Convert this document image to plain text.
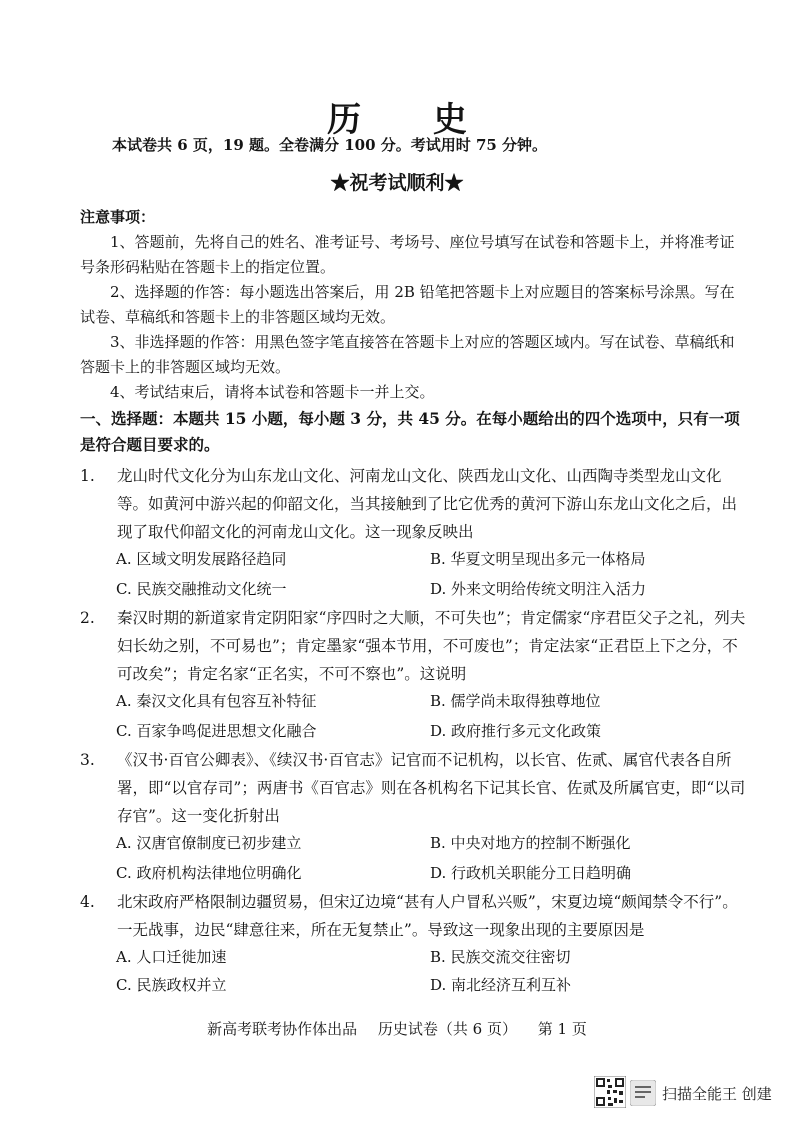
历 史
本试卷共 6 页，19 题。全卷满分 100 分。考试用时 75 分钟。
★祝考试顺利★
注意事项：
1、答题前，先将自己的姓名、准考证号、考场号、座位号填写在试卷和答题卡上，并将准考证号条形码粘贴在答题卡上的指定位置。
2、选择题的作答：每小题选出答案后，用 2B 铅笔把答题卡上对应题目的答案标号涂黑。写在试卷、草稿纸和答题卡上的非答题区域均无效。
3、非选择题的作答：用黑色签字笔直接答在答题卡上对应的答题区域内。写在试卷、草稿纸和答题卡上的非答题区域均无效。
4、考试结束后，请将本试卷和答题卡一并上交。
一、选择题：本题共 15 小题，每小题 3 分，共 45 分。在每小题给出的四个选项中，只有一项是符合题目要求的。
1. 龙山时代文化分为山东龙山文化、河南龙山文化、陕西龙山文化、山西陶寺类型龙山文化等。如黄河中游兴起的仰韶文化，当其接触到了比它优秀的黄河下游山东龙山文化之后，出现了取代仰韶文化的河南龙山文化。这一现象反映出
A. 区域文明发展路径趋同	B. 华夏文明呈现出多元一体格局
C. 民族交融推动文化统一	D. 外来文明给传统文明注入活力
2. 秦汉时期的新道家肯定阴阳家“序四时之大顺，不可失也”；肯定儒家“序君臣父子之礼，列夫妇长幼之别，不可易也”；肯定墨家“强本节用，不可废也”；肯定法家“正君臣上下之分，不可改矣”；肯定名家“正名实，不可不察也”。这说明
A. 秦汉文化具有包容互补特征	B. 儒学尚未取得独尊地位
C. 百家争鸣促进思想文化融合	D. 政府推行多元文化政策
3. 《汉书·百官公卿表》、《续汉书·百官志》记官而不记机构，以长官、佐贰、属官代表各自所署，即“以官存司”；两唐书《百官志》则在各机构名下记其长官、佐贰及所属官吏，即“以司存官”。这一变化折射出
A. 汉唐官僚制度已初步建立	B. 中央对地方的控制不断强化
C. 政府机构法律地位明确化	D. 行政机关职能分工日趋明确
4. 北宋政府严格限制边疆贸易，但宋辽边境“甚有人户冒私兴贩”，宋夏边境“颇闻禁令不行”。一无战事，边民“肆意往来，所在无复禁止”。导致这一现象出现的主要原因是
A. 人口迁徙加速	B. 民族交流交往密切
C. 民族政权并立	D. 南北经济互利互补
新高考联考协作体出品 历史试卷（共 6 页） 第 1 页
扫描全能王 创建
